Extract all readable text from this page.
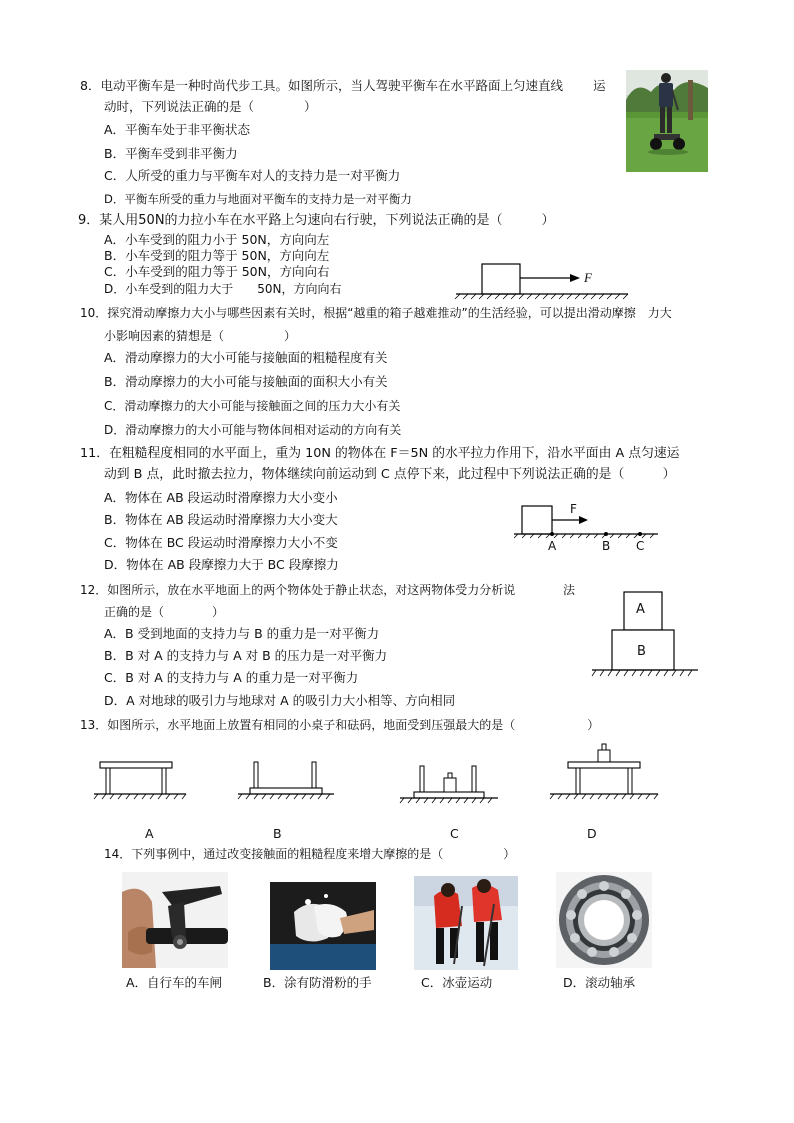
8．电动平衡车是一种时尚代步工具。如图所示，当人驾驶平衡车在水平路面上匀速直线 运
动时，下列说法正确的是（　　　　）
A．平衡车处于非平衡状态
B．平衡车受到非平衡力
C．人所受的重力与平衡车对人的支持力是一对平衡力
D．平衡车所受的重力与地面对平衡车的支持力是一对平衡力
9．某人用50N的力拉小车在水平路上匀速向右行驶，下列说法正确的是（　　　）
A．小车受到的阻力小于 50N，方向向左
B．小车受到的阻力等于 50N，方向向左
C．小车受到的阻力等于 50N，方向向右
D．小车受到的阻力大于　　50N，方向向右
F
10．探究滑动摩擦力大小与哪些因素有关时，根据“越重的箱子越难推动”的生活经验，可以提出滑动摩擦　力大
小影响因素的猜想是（　　　　　）
A．滑动摩擦力的大小可能与接触面的粗糙程度有关
B．滑动摩擦力的大小可能与接触面的面积大小有关
C．滑动摩擦力的大小可能与接触面之间的压力大小有关
D．滑动摩擦力的大小可能与物体间相对运动的方向有关
11．在粗糙程度相同的水平面上，重为 10N 的物体在 F＝5N 的水平拉力作用下，沿水平面由 A 点匀速运
动到 B 点，此时撤去拉力，物体继续向前运动到 C 点停下来，此过程中下列说法正确的是（　　　）
A．物体在 AB 段运动时滑摩擦力大小变小
B．物体在 AB 段运动时滑摩擦力大小变大
C．物体在 BC 段运动时滑摩擦力大小不变
D．物体在 AB 段摩擦力大于 BC 段摩擦力
F
A	B C
12．如图所示，放在水平地面上的两个物体处于静止状态，对这两物体受力分析说	法
正确的是（　　　　）
A．B 受到地面的支持力与 B 的重力是一对平衡力
B．B 对 A 的支持力与 A 对 B 的压力是一对平衡力
C．B 对 A 的支持力与 A 的重力是一对平衡力
D．A 对地球的吸引力与地球对 A 的吸引力大小相等、方向相同
A
B
13．如图所示，水平地面上放置有相同的小桌子和砝码，地面受到压强最大的是（　　　　　　）
A	B	C	D
14．下列事例中，通过改变接触面的粗糙程度来增大摩擦的是（　　　　　）
A．自行车的车闸	B．涂有防滑粉的手	C．冰壶运动	D．滚动轴承
